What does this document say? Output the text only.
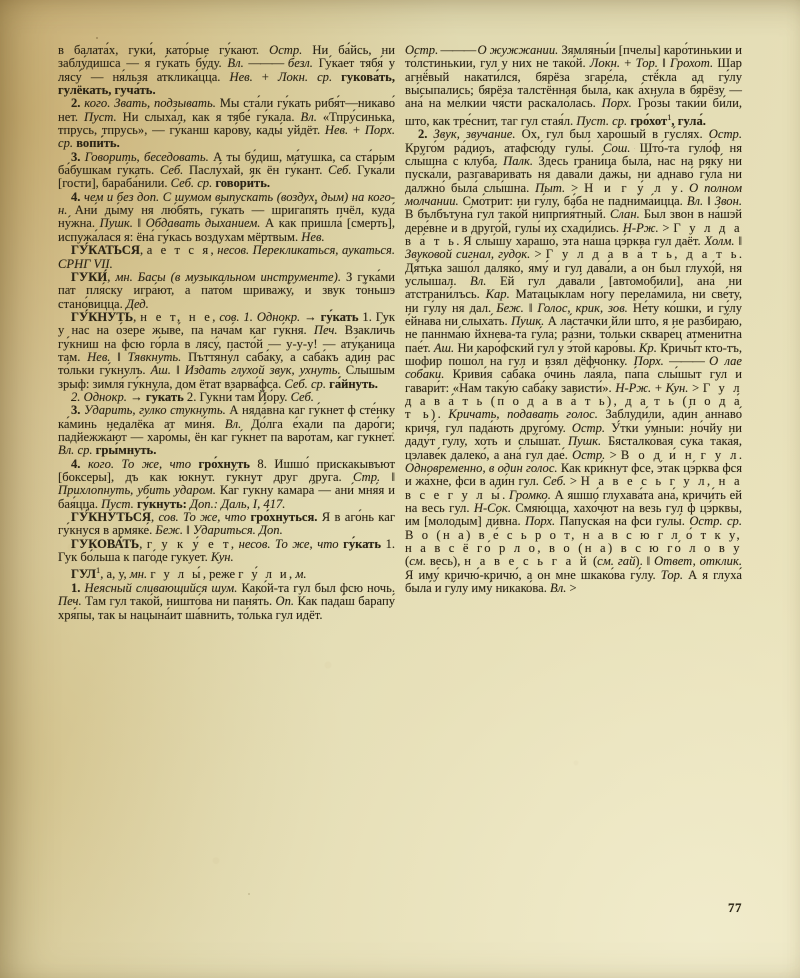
в балата́х, гуки́, като́рые гу́кают. Остр. Ни ба́йсь, ни заблу́дишса — я гу́кать бу́ду. Вл. ——— безл. Гу́кает тябя́ у лясу́ — ня́льзя атклика́цца. Нев. + Локн. ср. гукова́ть, гулёкать, гуча́ть.

2. кого. Звать, подзывать. Мы ста́ли гу́кать рибя́т—никаво́ нет. Пуст. Ни слыха́л, как я тябе́ гу́кала. Вл. «Тпру́синька, тпрусь, тпрусь», — гу́канш каро́ву, кады́ уйдёт. Нев. + Порх. ср. вопи́ть.

3. Говорить, беседовать. А ты бу́диш, ма́тушка, са ста́рым ба́бушкам гу́кать. Себ. Паслу́хай, як ён гу́кант. Себ. Гука́ли [гости], бараба́нили. Себ. ср. говори́ть.

4. чем и без доп. С шумом выпускать (воздух, дым) на кого-н. Ани́ ды́му ня лю́бять, гу́кать — шригапя́ть пчёл, куда́ ну́жна. Пушк. ‖ Обдавать дыханием. А как пришла́ [смерть], испужа́лася я: ёна́ гу́кась воздухам мёртвым. Нев.

ГУ́КАТЬСЯ, а е т с я, несов. Перекликаться, аукаться. СРНГ VII.

ГУКИ́, мн. Басы (в музыкальном инструменте). З гука́ми пат пля́ску игра́ют, а пато́м шриважу́, и звук то́ньшэ стано́вицца. Дед.

ГУ́КНУТЬ, н е т, н е, сов. 1. Однокр. → гу́кать 1. Гук у нас на о́зере жыве́, па нача́м каг гу́кня. Печ. Взакли́чь гу́книш на фсю го́рла в лясу́, пасто́й — у-у-у! — ату́каница там. Нев. ‖ Тявкнуть. Пъттяну́л саба́ку, а саба́къ ади́н рас то́льки гу́кнулъ. Аш. ‖ Издать глухой звук, ухнуть. Слы́шым зрыф: зимля́ гу́кнула, дом ётат взарва́фса. Себ. ср. га́йнуть.

2. Однокр. → гу́кать 2. Гукни́ там Йо́ру. Себ.

3. Ударить, гулко стукнуть. А няда́вна каг гу́кнет ф сте́нку ка́минь недалёка ат мин́я. Вл. До́лга е́хали па даро́ги; падйежжа́ют — харо́мы, ён каг гу́кнет па варо́там, каг гу́кнет. Вл. ср. гры́мнуть.

4. кого. То же, что гро́хнуть 8. Ишшо́ прискакывъют [боксеры], дъ как юкнут. гу́кнут друг дру́га. Стр. ‖ Прихлопнуть, убить ударом. Каг гу́кну камара́ — ани́ мня́я и бая́цца. Пуст. гу́кнуть: Доп.: Даль, I, 417.

ГУ́КНУТЬСЯ, сов. То же, что гро́хнуться. Я в аго́нь каг гу́кнуся в армяке́. Беж. ‖ Удариться. Доп.

ГУКОВА́ТЬ, г у к у́ е т, несов. То же, что гу́кать 1. Гук бо́льша к паго́де гуку́ет. Кун.

ГУЛ$^1$, а, у, мн. г у л ы́, реже г у́ л и, м.

1. Неясный сливающийся шум. Како́й-та гул был фсю ночь. Печ. Там гул тако́й, ништо́ва ни паня́ть. Оп. Как пада́ш барапу́ хря́пы, так ы нацына́ит ша́внить, то́лька гул идёт.

Остр. ——— О жужжании. Зямляны́и [пчелы] каро́тинькии и то́лстинькии, гул у них не тако́й. Локн. + Тор. ‖ Грохот. Шар агнё́вый накати́лся, бярёза згаре́ла, стё́кла ад гу́лу вы́сыпались; бярёза талстённая была́, как а́хнула в бярёзу — ана́ на ме́лкии чя́сти раскало́лась. Порх. Гро́зы таки́и би́ли, што, как тре́снит, таг гул стая́л. Пуст. ср. гро́хот$^1$, гула́.

2. Звук, звучание. Ох, гул был харо́шый в гу́слях. Остр. Круго́м ра́диоъ, атафсю́ду гулы́. Сош. Што́-та гуло́ф ня слы́шна с клу́ба. Палк. Здесь грани́ца была́, нас на ряку́ ни пуска́ли, разгава́ривать ня дава́ли да́жы, ни аднаво́ гу́ла ни далжно́ была́ слы́шна. Пыт. > Н и г у́ л у. О полном молчании. Смо́трит: ни гу́лу, ба́ба не падни́ма́ицца. Вл. ‖ Звон. В бълбътуна́ гул тако́й нипprия́тный. Слан. Был звон в на́шэй дере́вне и в друго́й, гулы́ их схади́лись. Н-Рж. > Г у л д а в а́ т ь. Я слы́шу харашо́, эта на́ша цэ́рква гул даёт. Холм. ‖ Звуковой сигнал, гудок. > Г у л д а в а́ т ь, д а т ь. Дя́тька зашо́л даляко́, яму́ и гул дава́ли, а он был глухо́й, ня услы́шал. Вл. Ей гул дава́ли [автомобили], ана́ ни атстрани́лъсь. Кар. Матацы́клам но́гу перела́мила, ни све́ту, ни гу́лу ня дал. Беж. ‖ Голос, крик, зов. Не́ту ко́шки, и гу́лу е́йнава ни слыха́ть. Пушк. А ла́стачки йли што, я не разбира́ю, не паннма́ю йхнева-та гу́ла; ра́зни, то́льки скваре́ц атмени́тна пае́т. Аш. Ни каро́фский гул у э́той каро́вы. Кр. Кричы́т кто-тъ, шофир пошо́л на гул и взял дёфчо́нку. Порх. ——— О лае собаки. Криви́я саба́ка о́чинь ла́яла, па́па слы́шыт гул и гавари́т: «Нам таку́ю саба́ку зависти́». Н-Рж. + Кун. > Г у л д а в а́ т ь (п о д а в а́ т ь), д а т ь (п о д а́ т ь). Кричать, подавать голос. Заблуди́ли, ади́н аннаво́ кричя́, гул пада́ють друго́му. Остр. У́тки у́мныи: но́чйу ни даду́т гу́лу, хоть и слы́шат. Пушк. Бясталко́вая су́ка така́я, цэлаве́к далеко́, а ана́ гул дае́. Остр. > В о д и́ н г у л. Одновременно, в один голос. Как кри́кнут фсе, э́так цэ́рква фся и жа́хне, фси в ади́н гул. Себ. > Н а в е с ь г у л, н а в с е г у л ы́. Громко. А яшшо́ глухава́та ана́, кричи́ть ей на весь гул. Н-Сок. Смяю́цца, хахо́чют на везь гул ф цэ́рквы, им [молодым] ди́вна. Порх. Папуска́я на фси гулы́. Остр. ср. В о (н а) в е́ с ь р о т, н а в с ю г л о́ т к у, н а в с ё го́ р л о, в о (н а) в с ю го́ л о в у (см. весь), н а в е с ь г а й (см. гай). ‖ Ответ, отклик. Я иму́ кричю́-кричю́, а он мне шкако́ва гу́лу. Тор. А я глуха́ была́ и гу́лу иму́ никако́ва. Вл. >

77
